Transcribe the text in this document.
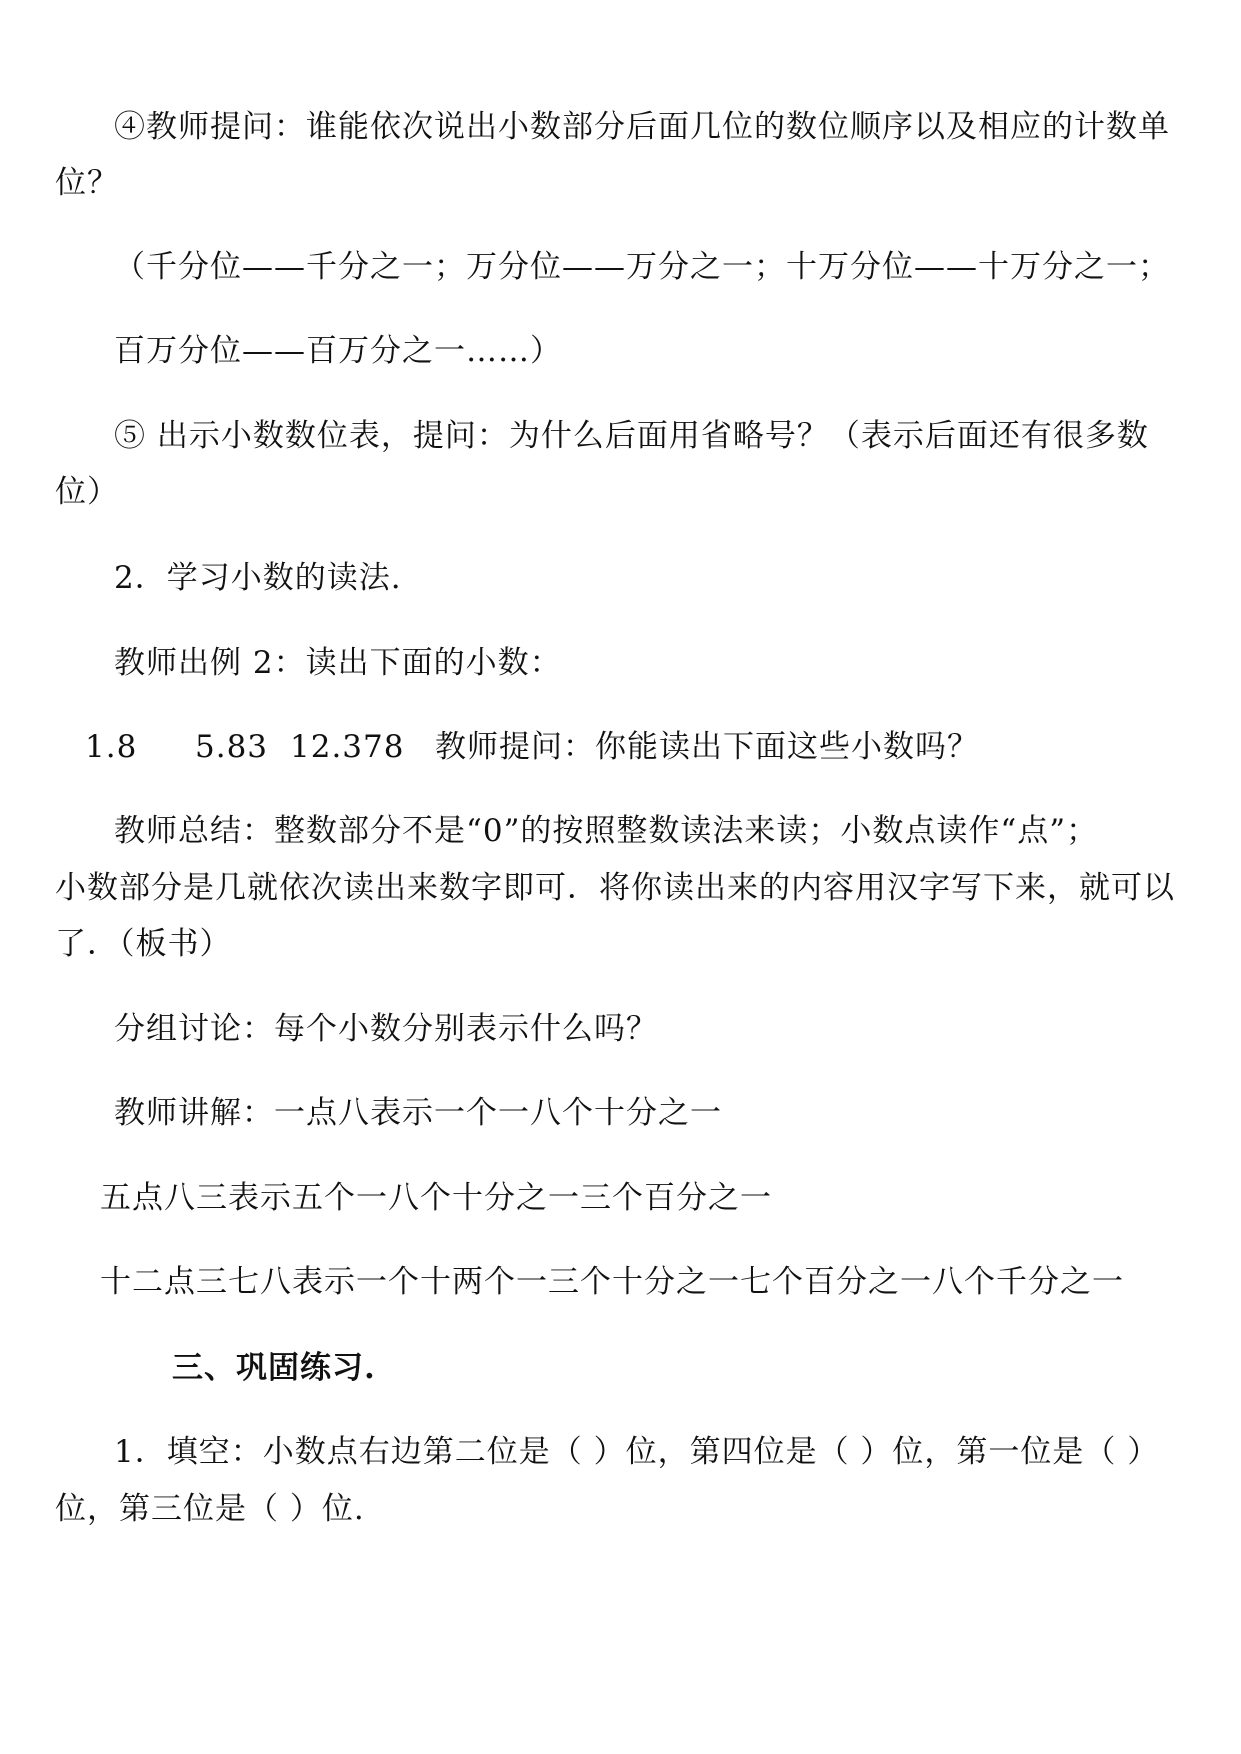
④教师提问：谁能依次说出小数部分后面几位的数位顺序以及相应的计数单
位？
（千分位——千分之一；万分位——万分之一；十万分位——十万分之一；
百万分位——百万分之一……）
⑤ 出示小数数位表，提问：为什么后面用省略号？（表示后面还有很多数
位）
2．学习小数的读法.
教师出例 2：读出下面的小数：
1.8 5.83 12.378 教师提问：你能读出下面这些小数吗？
教师总结：整数部分不是“0”的按照整数读法来读；小数点读作“点”；
小数部分是几就依次读出来数字即可．将你读出来的内容用汉字写下来，就可以
了．（板书）
分组讨论：每个小数分别表示什么吗？
教师讲解：一点八表示一个一八个十分之一
五点八三表示五个一八个十分之一三个百分之一
十二点三七八表示一个十两个一三个十分之一七个百分之一八个千分之一
三、巩固练习.
1．填空：小数点右边第二位是（ ）位，第四位是（ ）位，第一位是（ ）
位，第三位是（ ）位.
